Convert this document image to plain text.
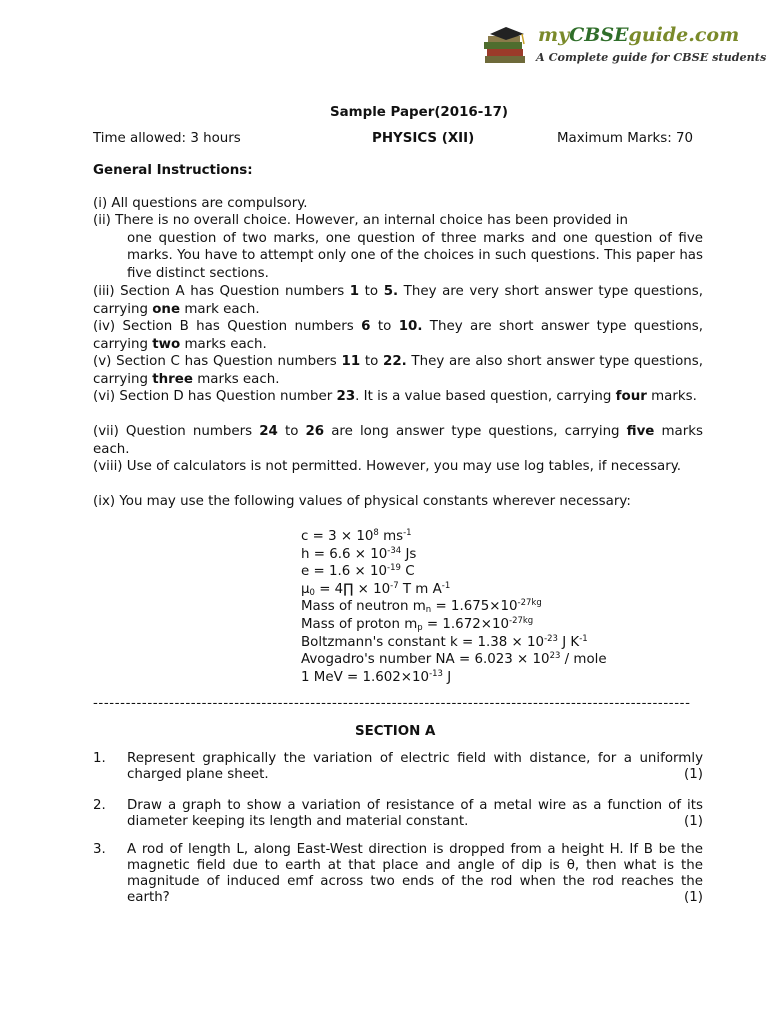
myCBSEguide.com
A Complete guide for CBSE students
Sample Paper(2016-17)
Time allowed: 3 hours	PHYSICS (XII)	Maximum Marks: 70
General Instructions:
(i) All questions are compulsory.
(ii) There is no overall choice. However, an internal choice has been provided in
one question of two marks, one question of three marks and one question of five marks. You have to attempt only one of the choices in such questions. This paper has five distinct sections.
(iii) Section A has Question numbers 1 to 5. They are very short answer type questions, carrying one mark each.
(iv) Section B has Question numbers 6 to 10. They are short answer type questions, carrying two marks each.
(v) Section C has Question numbers 11 to 22. They are also short answer type questions, carrying three marks each.
(vi) Section D has Question number 23. It is a value based question, carrying four marks.
(vii) Question numbers 24 to 26 are long answer type questions, carrying five marks each.
(viii) Use of calculators is not permitted. However, you may use log tables, if necessary.
(ix) You may use the following values of physical constants wherever necessary:
$c = 3 \times 10^8$ $ms^{-1}$
$h = 6.6 \times 10^{-34}$ Js
$e = 1.6 \times 10^{-19}$ C
$\mu_0$ = 4∏ × $10^{-7}$ T m $A^{-1}$
Mass of neutron $m_n = 1.675\times 10^{-27kg}$
Mass of proton $m_p = 1.672\times 10^{-27kg}$
Boltzmann's constant $k = 1.38 \times 10^{-23}$ J $K^{-1}$
Avogadro's number NA = $6.023 \times 10^{23}$ / mole
1 MeV = $1.602\times 10^{-13}$ J
--------------------------------------------------------------------------------------------------------------
SECTION A
1. Represent graphically the variation of electric field with distance, for a uniformly charged plane sheet.	(1)
2. Draw a graph to show a variation of resistance of a metal wire as a function of its diameter keeping its length and material constant.	(1)
3. A rod of length L, along East-West direction is dropped from a height H. If B be the magnetic field due to earth at that place and angle of dip is θ, then what is the magnitude of induced emf across two ends of the rod when the rod reaches the earth?	(1)
